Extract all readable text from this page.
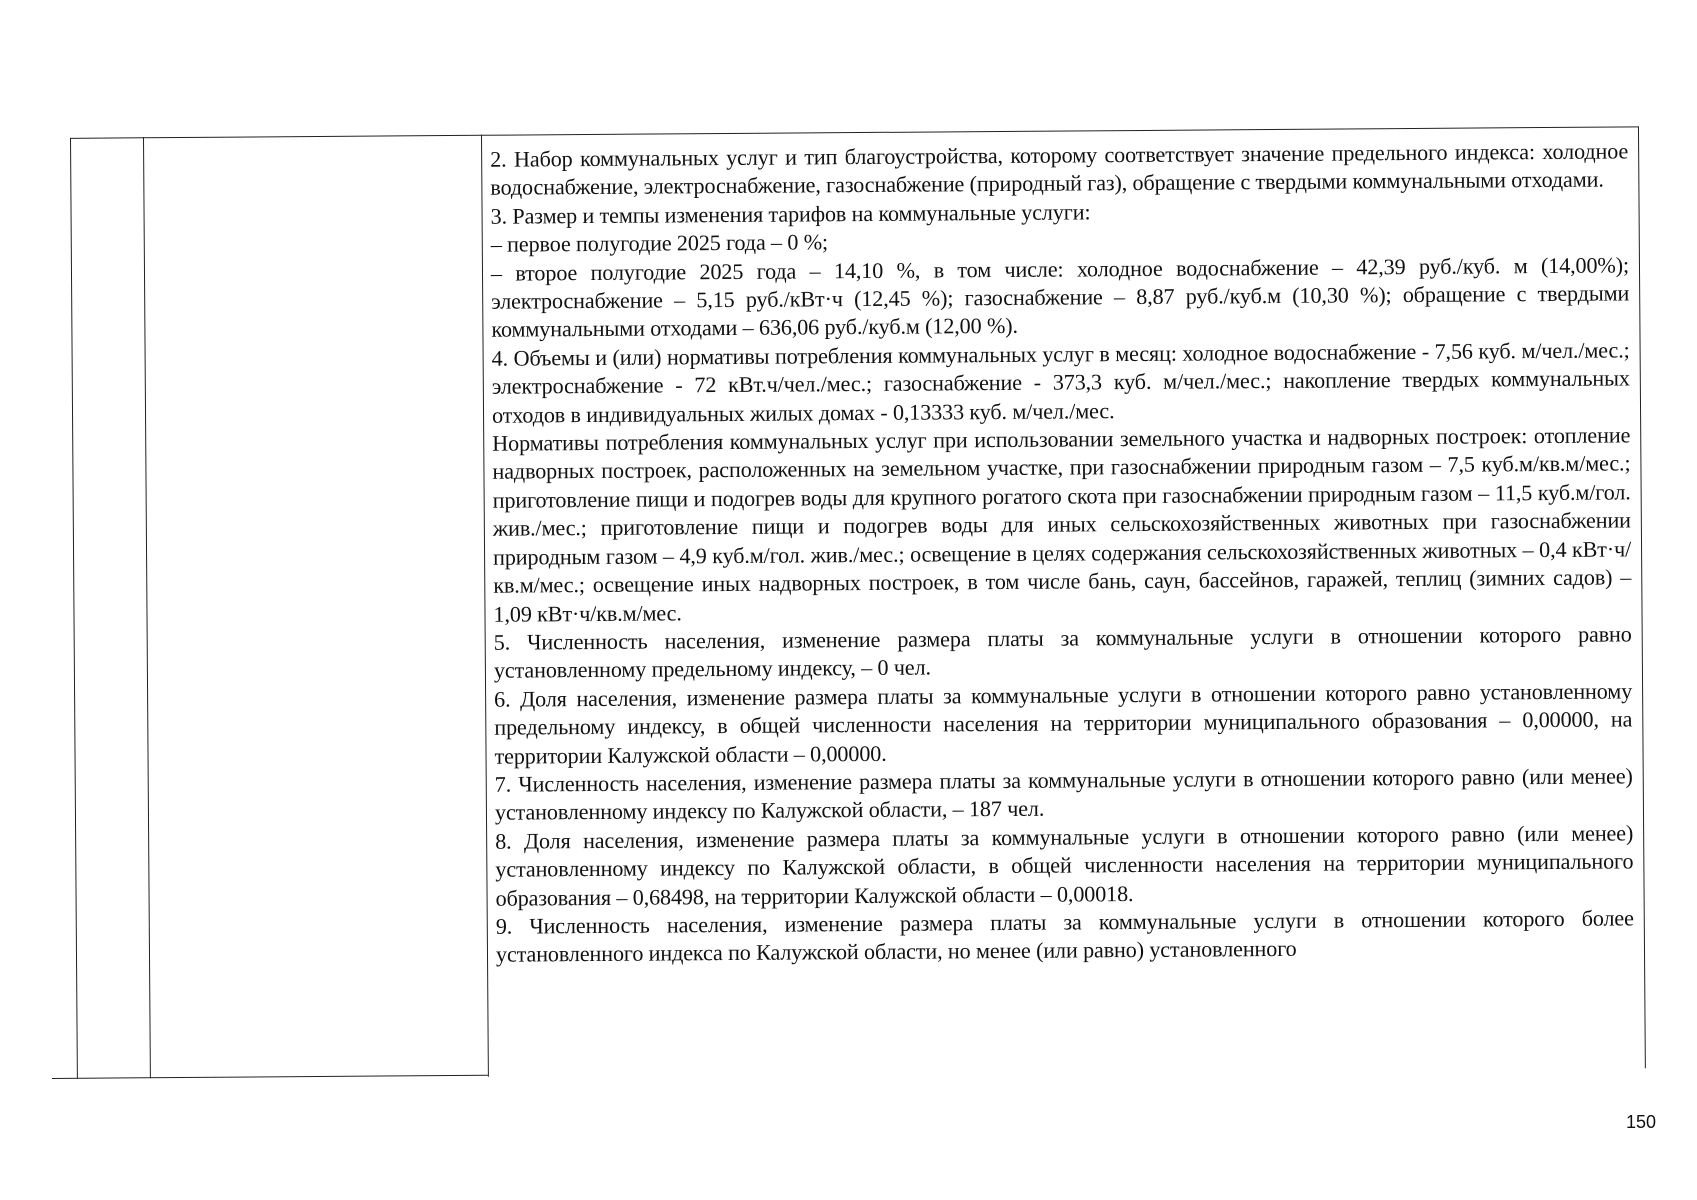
2. Набор коммунальных услуг и тип благоустройства, которому соответствует значение предельного индекса: холодное водоснабжение, электроснабжение, газоснабжение (природный газ), обращение с твердыми коммунальными отходами.

3. Размер и темпы изменения тарифов на коммунальные услуги:

– первое полугодие 2025 года – 0 %;

– второе полугодие 2025 года – 14,10 %, в том числе: холодное водоснабжение – 42,39 руб./куб. м (14,00%); электроснабжение – 5,15 руб./кВт·ч (12,45 %); газоснабжение – 8,87 руб./куб.м (10,30 %); обращение с твердыми коммунальными отходами – 636,06 руб./куб.м (12,00 %).

4. Объемы и (или) нормативы потребления коммунальных услуг в месяц: холодное водоснабжение - 7,56 куб. м/чел./мес.; электроснабжение - 72 кВт.ч/чел./мес.; газоснабжение - 373,3 куб. м/чел./мес.; накопление твердых коммунальных отходов в индивидуальных жилых домах - 0,13333 куб. м/чел./мес.

Нормативы потребления коммунальных услуг при использовании земельного участка и надворных построек: отопление надворных построек, расположенных на земельном участке, при газоснабжении природным газом – 7,5 куб.м/кв.м/мес.; приготовление пищи и подогрев воды для крупного рогатого скота при газоснабжении природным газом – 11,5 куб.м/гол. жив./мес.; приготовление пищи и подогрев воды для иных сельскохозяйственных животных при газоснабжении природным газом – 4,9 куб.м/гол. жив./мес.; освещение в целях содержания сельскохозяйственных животных – 0,4 кВт·ч/кв.м/мес.; освещение иных надворных построек, в том числе бань, саун, бассейнов, гаражей, теплиц (зимних садов) – 1,09 кВт·ч/кв.м/мес.

5. Численность населения, изменение размера платы за коммунальные услуги в отношении которого равно установленному предельному индексу, – 0 чел.

6. Доля населения, изменение размера платы за коммунальные услуги в отношении которого равно установленному предельному индексу, в общей численности населения на территории муниципального образования – 0,00000, на территории Калужской области – 0,00000.

7. Численность населения, изменение размера платы за коммунальные услуги в отношении которого равно (или менее) установленному индексу по Калужской области, – 187 чел.

8. Доля населения, изменение размера платы за коммунальные услуги в отношении которого равно (или менее) установленному индексу по Калужской области, в общей численности населения на территории муниципального образования – 0,68498, на территории Калужской области – 0,00018.

9. Численность населения, изменение размера платы за коммунальные услуги в отношении которого более установленного индекса по Калужской области, но менее (или равно) установленного

150
